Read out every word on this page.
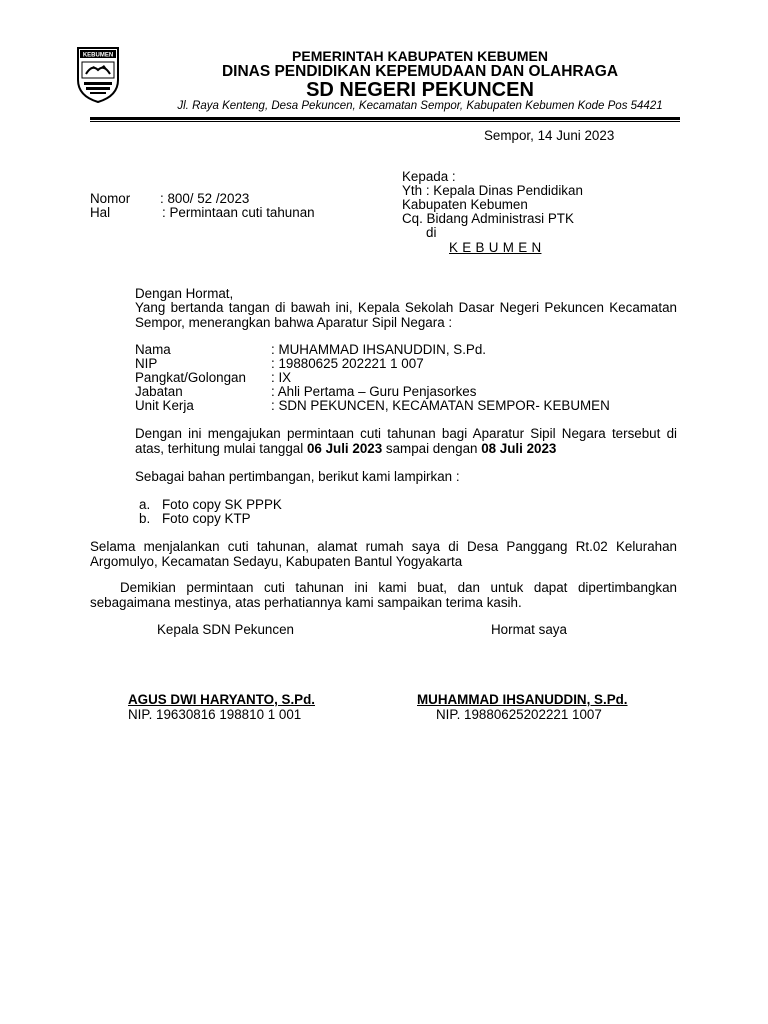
KEBUMEN	PEMERINTAH KABUPATEN KEBUMEN
DINAS PENDIDIKAN KEPEMUDAAN DAN OLAHRAGA
SD NEGERI PEKUNCEN
Jl. Raya Kenteng, Desa Pekuncen, Kecamatan Sempor, Kabupaten Kebumen Kode Pos 54421
Sempor, 14 Juni 2023
Nomor : 800/ 52 /2023
Hal	: Permintaan cuti tahunan
Kepada :
Yth : Kepala Dinas Pendidikan
Kabupaten Kebumen
Cq. Bidang Administrasi PTK
di
K E B U M E N
Dengan Hormat,
Yang bertanda tangan di bawah ini, Kepala Sekolah Dasar Negeri Pekuncen Kecamatan Sempor, menerangkan bahwa Aparatur Sipil Negara :
Nama	: MUHAMMAD IHSANUDDIN, S.Pd.
NIP	: 19880625 202221 1 007
Pangkat/Golongan : IX
Jabatan	: Ahli Pertama – Guru Penjasorkes
Unit Kerja	: SDN PEKUNCEN, KECAMATAN SEMPOR- KEBUMEN
Dengan ini mengajukan permintaan cuti tahunan bagi Aparatur Sipil Negara tersebut di atas, terhitung mulai tanggal 06 Juli 2023 sampai dengan 08 Juli 2023
Sebagai bahan pertimbangan, berikut kami lampirkan :
a. Foto copy SK PPPK
b. Foto copy KTP
Selama menjalankan cuti tahunan, alamat rumah saya di Desa Panggang Rt.02 Kelurahan Argomulyo, Kecamatan Sedayu, Kabupaten Bantul Yogyakarta
Demikian permintaan cuti tahunan ini kami buat, dan untuk dapat dipertimbangkan sebagaimana mestinya, atas perhatiannya kami sampaikan terima kasih.
Kepala SDN Pekuncen	Hormat saya
AGUS DWI HARYANTO, S.Pd.	MUHAMMAD IHSANUDDIN, S.Pd.
NIP. 19630816 198810 1 001	NIP. 19880625202221 1007
